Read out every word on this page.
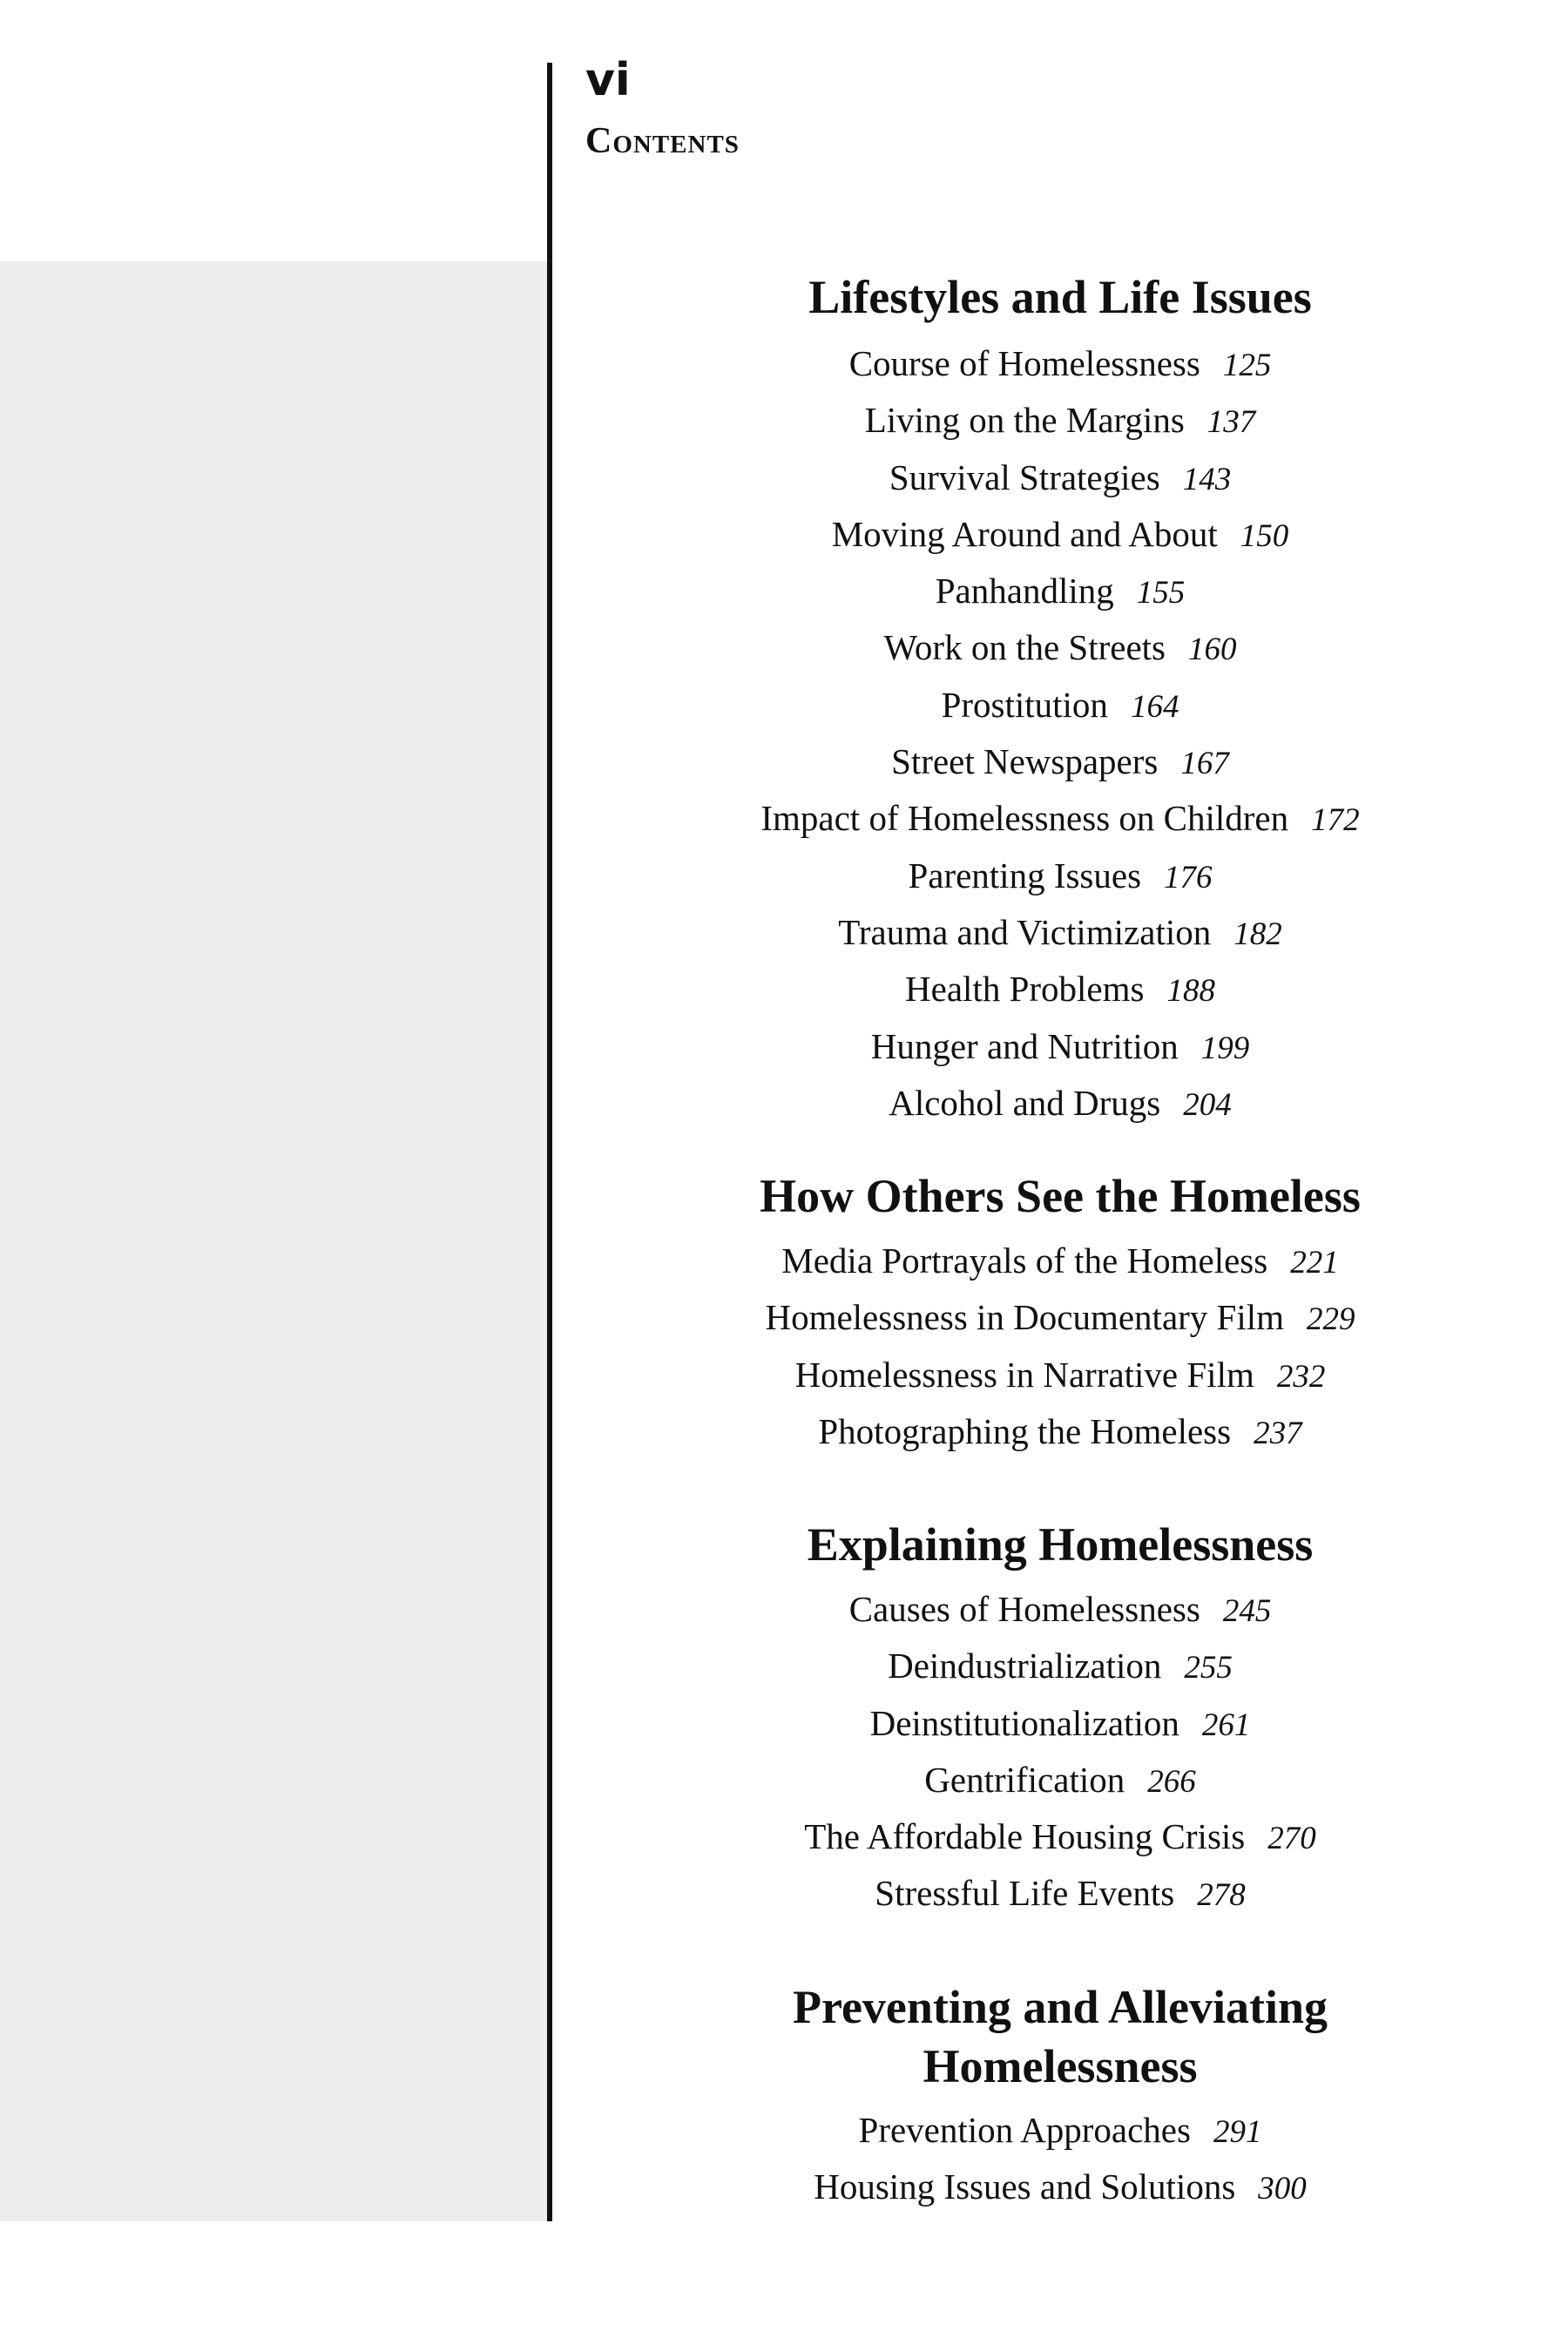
vi
Contents
Lifestyles and Life Issues
Course of Homelessness 125
Living on the Margins 137
Survival Strategies 143
Moving Around and About 150
Panhandling 155
Work on the Streets 160
Prostitution 164
Street Newspapers 167
Impact of Homelessness on Children 172
Parenting Issues 176
Trauma and Victimization 182
Health Problems 188
Hunger and Nutrition 199
Alcohol and Drugs 204
How Others See the Homeless
Media Portrayals of the Homeless 221
Homelessness in Documentary Film 229
Homelessness in Narrative Film 232
Photographing the Homeless 237
Explaining Homelessness
Causes of Homelessness 245
Deindustrialization 255
Deinstitutionalization 261
Gentrification 266
The Affordable Housing Crisis 270
Stressful Life Events 278
Preventing and Alleviating
Homelessness
Prevention Approaches 291
Housing Issues and Solutions 300
